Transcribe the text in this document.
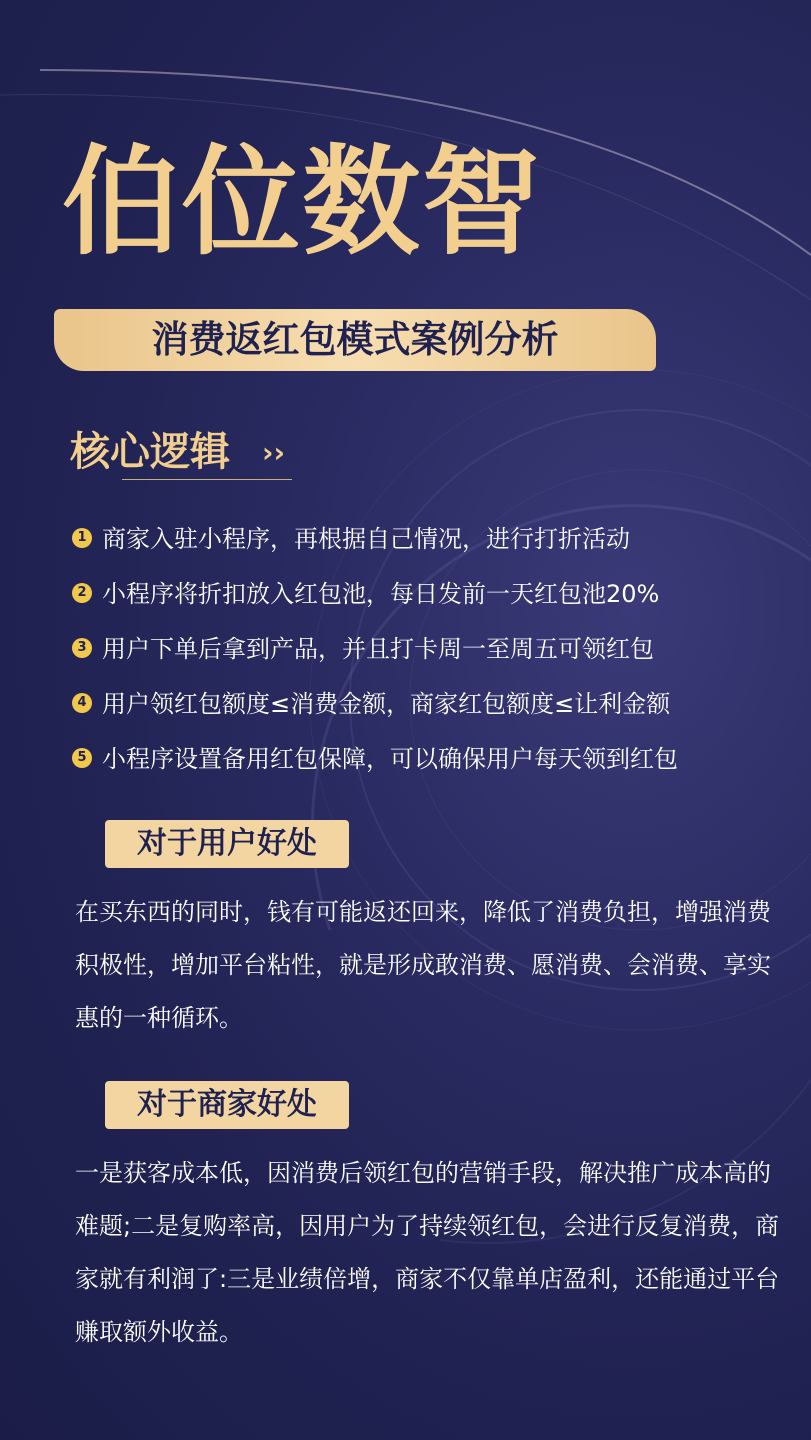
伯位数智
消费返红包模式案例分析
核心逻辑 ››
1 商家入驻小程序，再根据自己情况，进行打折活动
2 小程序将折扣放入红包池，每日发前一天红包池20%
3 用户下单后拿到产品，并且打卡周一至周五可领红包
4 用户领红包额度≤消费金额，商家红包额度≤让利金额
5 小程序设置备用红包保障，可以确保用户每天领到红包
对于用户好处

在买东西的同时，钱有可能返还回来，降低了消费负担，增强消费积极性，增加平台粘性，就是形成敢消费、愿消费、会消费、享实惠的一种循环。

对于商家好处

一是获客成本低，因消费后领红包的营销手段，解决推广成本高的难题;二是复购率高，因用户为了持续领红包，会进行反复消费，商家就有利润了:三是业绩倍增，商家不仅靠单店盈利，还能通过平台赚取额外收益。
